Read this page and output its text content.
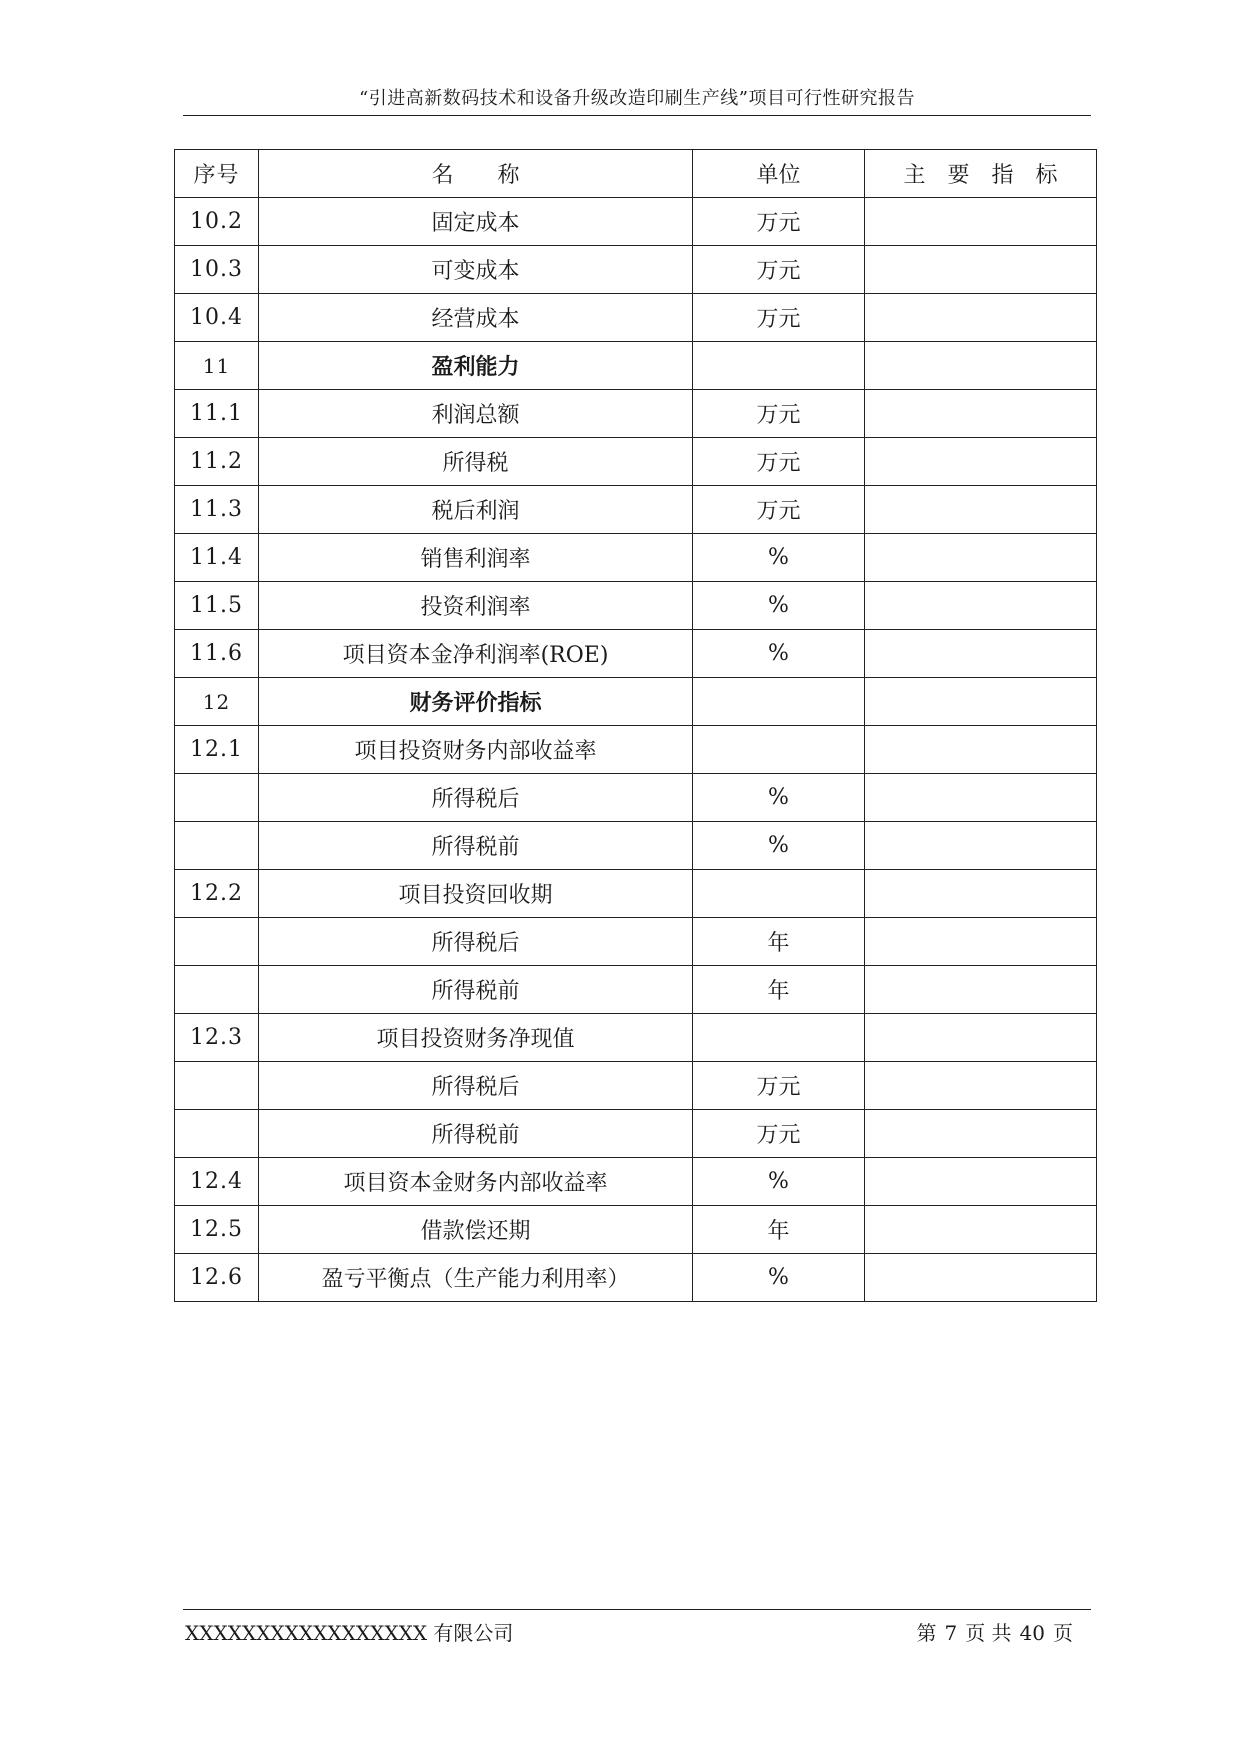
“引进高新数码技术和设备升级改造印刷生产线”项目可行性研究报告
序号	名　　称	单位	主　要　指　标
10.2	固定成本	万元	
10.3	可变成本	万元	
10.4	经营成本	万元	
11	盈利能力		
11.1	利润总额	万元	
11.2	所得税	万元	
11.3	税后利润	万元	
11.4	销售利润率	%	
11.5	投资利润率	%	
11.6	项目资本金净利润率(ROE)	%	
12	财务评价指标		
12.1	项目投资财务内部收益率		
	所得税后	%	
	所得税前	%	
12.2	项目投资回收期		
	所得税后	年	
	所得税前	年	
12.3	项目投资财务净现值		
	所得税后	万元	
	所得税前	万元	
12.4	项目资本金财务内部收益率	%	
12.5	借款偿还期	年	
12.6	盈亏平衡点（生产能力利用率）	%	
XXXXXXXXXXXXXXXXX 有限公司	第 7 页 共 40 页
